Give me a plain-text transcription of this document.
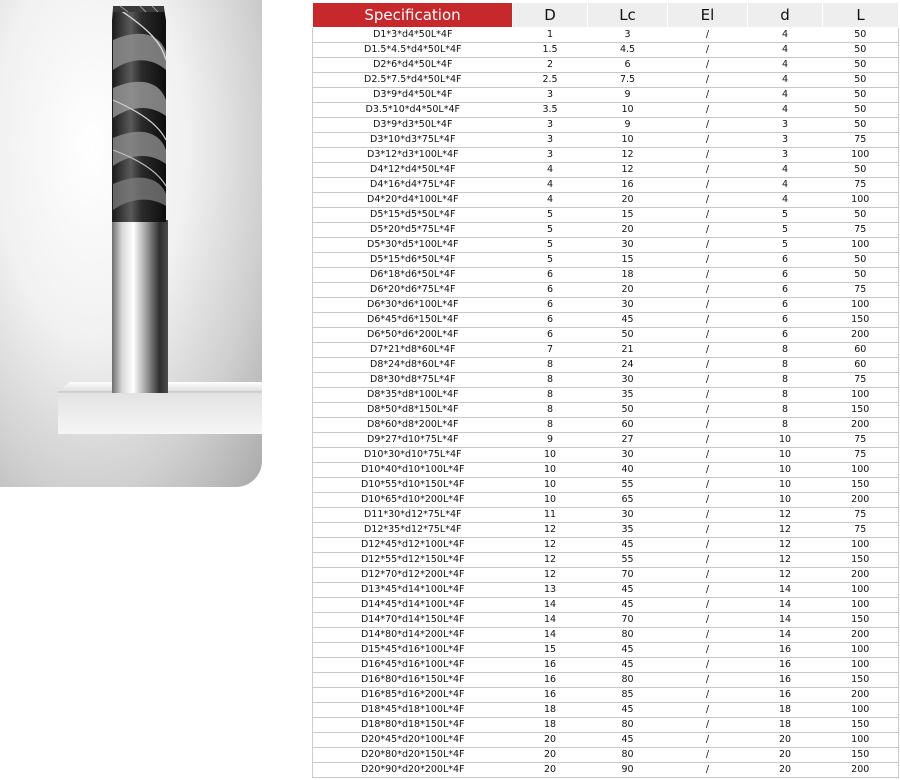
Specification	D	Lc	El	d	L
D1*3*d4*50L*4F	1	3	/	4	50
D1.5*4.5*d4*50L*4F	1.5	4.5	/	4	50
D2*6*d4*50L*4F	2	6	/	4	50
D2.5*7.5*d4*50L*4F	2.5	7.5	/	4	50
D3*9*d4*50L*4F	3	9	/	4	50
D3.5*10*d4*50L*4F	3.5	10	/	4	50
D3*9*d3*50L*4F	3	9	/	3	50
D3*10*d3*75L*4F	3	10	/	3	75
D3*12*d3*100L*4F	3	12	/	3	100
D4*12*d4*50L*4F	4	12	/	4	50
D4*16*d4*75L*4F	4	16	/	4	75
D4*20*d4*100L*4F	4	20	/	4	100
D5*15*d5*50L*4F	5	15	/	5	50
D5*20*d5*75L*4F	5	20	/	5	75
D5*30*d5*100L*4F	5	30	/	5	100
D5*15*d6*50L*4F	5	15	/	6	50
D6*18*d6*50L*4F	6	18	/	6	50
D6*20*d6*75L*4F	6	20	/	6	75
D6*30*d6*100L*4F	6	30	/	6	100
D6*45*d6*150L*4F	6	45	/	6	150
D6*50*d6*200L*4F	6	50	/	6	200
D7*21*d8*60L*4F	7	21	/	8	60
D8*24*d8*60L*4F	8	24	/	8	60
D8*30*d8*75L*4F	8	30	/	8	75
D8*35*d8*100L*4F	8	35	/	8	100
D8*50*d8*150L*4F	8	50	/	8	150
D8*60*d8*200L*4F	8	60	/	8	200
D9*27*d10*75L*4F	9	27	/	10	75
D10*30*d10*75L*4F	10	30	/	10	75
D10*40*d10*100L*4F	10	40	/	10	100
D10*55*d10*150L*4F	10	55	/	10	150
D10*65*d10*200L*4F	10	65	/	10	200
D11*30*d12*75L*4F	11	30	/	12	75
D12*35*d12*75L*4F	12	35	/	12	75
D12*45*d12*100L*4F	12	45	/	12	100
D12*55*d12*150L*4F	12	55	/	12	150
D12*70*d12*200L*4F	12	70	/	12	200
D13*45*d14*100L*4F	13	45	/	14	100
D14*45*d14*100L*4F	14	45	/	14	100
D14*70*d14*150L*4F	14	70	/	14	150
D14*80*d14*200L*4F	14	80	/	14	200
D15*45*d16*100L*4F	15	45	/	16	100
D16*45*d16*100L*4F	16	45	/	16	100
D16*80*d16*150L*4F	16	80	/	16	150
D16*85*d16*200L*4F	16	85	/	16	200
D18*45*d18*100L*4F	18	45	/	18	100
D18*80*d18*150L*4F	18	80	/	18	150
D20*45*d20*100L*4F	20	45	/	20	100
D20*80*d20*150L*4F	20	80	/	20	150
D20*90*d20*200L*4F	20	90	/	20	200
